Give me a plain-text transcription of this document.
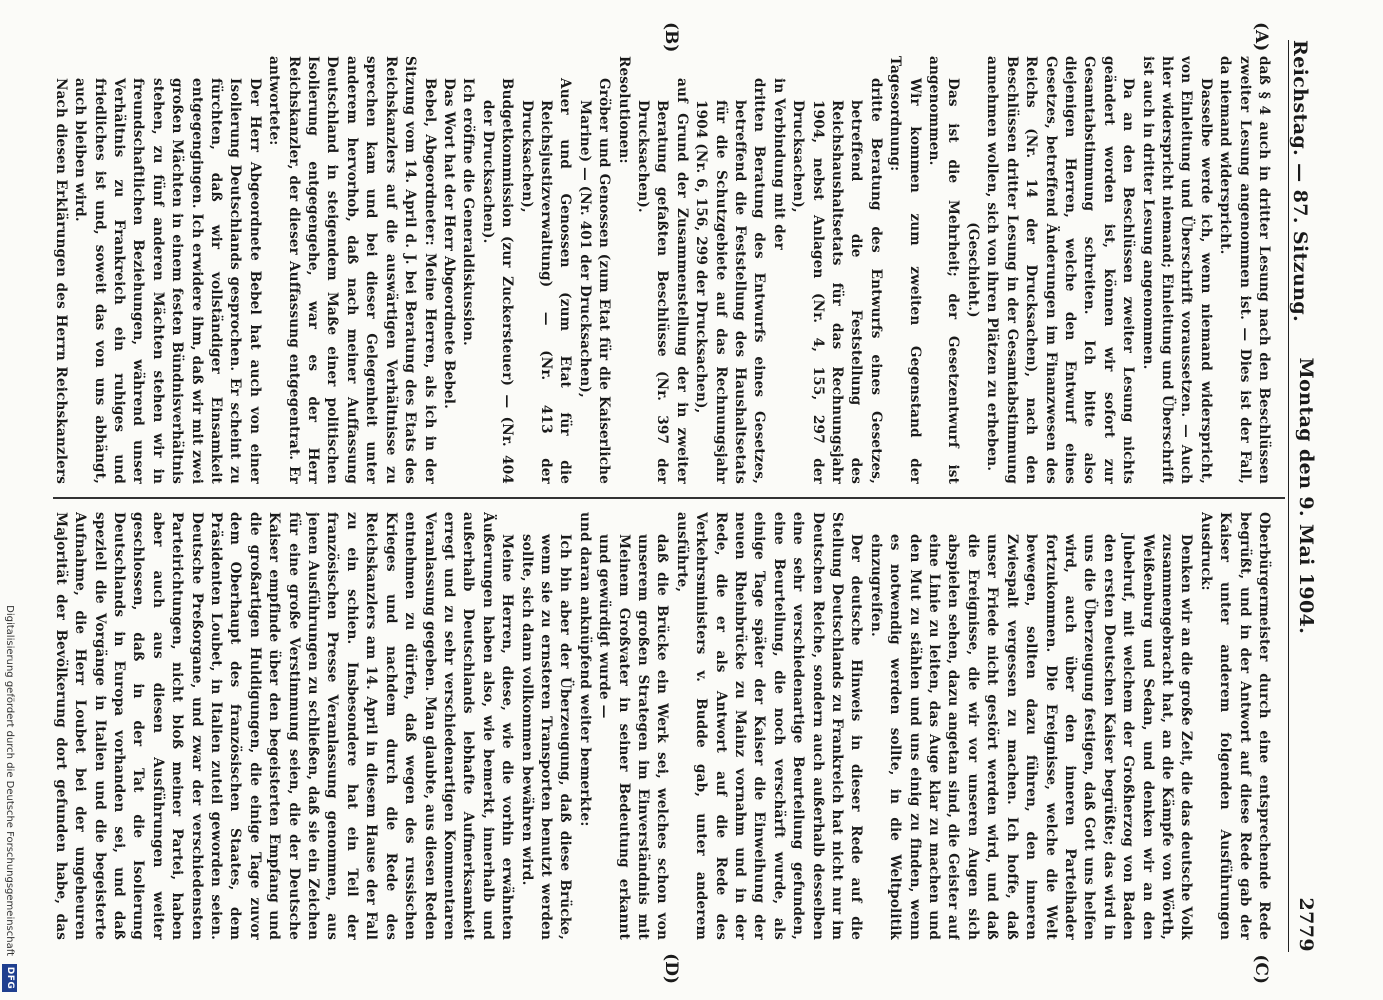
Reichstag. — 87. Sitzung.
Montag den 9. Mai 1904.
2779
(A)
(B)
(C)
(D)

daß § 4 auch in dritter Lesung nach den Beschlüssen zweiter Lesung angenommen ist. — Dies ist der Fall, da niemand widerspricht.

Dasselbe werde ich, wenn niemand widerspricht, von Einleitung und Überschrift voraussetzen. — Auch hier widerspricht niemand; Einleitung und Überschrift ist auch in dritter Lesung angenommen.

Da an den Beschlüssen zweiter Lesung nichts geändert worden ist, können wir sofort zur Gesamtabstimmung schreiten. Ich bitte also diejenigen Herren, welche den Entwurf eines Gesetzes, betreffend Änderungen im Finanzwesen des Reichs (Nr. 14 der Drucksachen), nach den Beschlüssen dritter Lesung in der Gesamtabstimmung annehmen wollen, sich von ihren Plätzen zu erheben.

(Geschieht.)

Das ist die Mehrheit; der Gesetzentwurf ist angenommen.

Wir kommen zum zweiten Gegenstand der Tagesordnung:

dritte Beratung des Entwurfs eines Gesetzes, betreffend die Feststellung des Reichshaushaltsetats für das Rechnungsjahr 1904, nebst Anlagen (Nr. 4, 155, 297 der Drucksachen),

in Verbindung mit der

dritten Beratung des Entwurfs eines Gesetzes, betreffend die Feststellung des Haushaltsetats für die Schutzgebiete auf das Rechnungsjahr 1904 (Nr. 6, 156, 299 der Drucksachen),

auf Grund der Zusammenstellung der in zweiter Beratung gefaßten Beschlüsse (Nr. 397 der Drucksachen).

Resolutionen:

Gröber und Genossen (zum Etat für die Kaiserliche Marine) — (Nr. 401 der Drucksachen),

Auer und Genossen (zum Etat für die Reichsjustizverwaltung) — (Nr. 413 der Drucksachen),

Budgetkommission (zur Zuckersteuer) — (Nr. 404 der Drucksachen).

Ich eröffne die Generaldiskussion.

Das Wort hat der Herr Abgeordnete Bebel.

Bebel, Abgeordneter: Meine Herren, als ich in der Sitzung vom 14. April d. J. bei Beratung des Etats des Reichskanzlers auf die auswärtigen Verhältnisse zu sprechen kam und bei dieser Gelegenheit unter anderem hervorhob, daß nach meiner Auffassung Deutschland in steigendem Maße einer politischen Isolierung entgegengehe, war es der Herr Reichskanzler, der dieser Auffassung entgegentrat. Er antwortete:

Der Herr Abgeordnete Bebel hat auch von einer Isolierung Deutschlands gesprochen. Er scheint zu fürchten, daß wir vollständiger Einsamkeit entgegengingen. Ich erwidere ihm, daß wir mit zwei großen Mächten in einem festen Bündnisverhältnis stehen, zu fünf anderen Mächten stehen wir in freundschaftlichen Beziehungen, während unser Verhältnis zu Frankreich ein ruhiges und friedliches ist und, soweit das von uns abhängt, auch bleiben wird.

Nach diesen Erklärungen des Herrn Reichskanzlers

Oberbürgermeister durch eine entsprechende Rede begrüßt, und in der Antwort auf diese Rede gab der Kaiser unter anderem folgenden Ausführungen Ausdruck:

Denken wir an die große Zeit, die das deutsche Volk zusammengebracht hat, an die Kämpfe von Wörth, Weißenburg und Sedan, und denken wir an den Jubelruf, mit welchem der Großherzog von Baden den ersten Deutschen Kaiser begrüßte; das wird in uns die Überzeugung festigen, daß Gott uns helfen wird, auch über den inneren Parteihader fortzukommen. Die Ereignisse, welche die Welt bewegen, sollten dazu führen, den inneren Zwiespalt vergessen zu machen. Ich hoffe, daß unser Friede nicht gestört werden wird, und daß die Ereignisse, die wir vor unseren Augen sich abspielen sehen, dazu angetan sind, die Geister auf eine Linie zu leiten, das Auge klar zu machen und den Mut zu stählen und uns einig zu finden, wenn es notwendig werden sollte, in die Weltpolitik einzugreifen.

Der deutsche Hinweis in dieser Rede auf die Stellung Deutschlands zu Frankreich hat nicht nur im Deutschen Reiche, sondern auch außerhalb desselben eine sehr verschiedenartige Beurteilung gefunden, eine Beurteilung, die noch verschärft wurde, als einige Tage später der Kaiser die Einweihung der neuen Rheinbrücke zu Mainz vornahm und in der Rede, die er als Antwort auf die Rede des Verkehrsministers v. Budde gab, unter anderem ausführte,

daß die Brücke ein Werk sei, welches schon von unserem großen Strategen im Einverständnis mit Meinem Großvater in seiner Bedeutung erkannt und gewürdigt wurde —

und daran anknüpfend weiter bemerkte:

Ich bin aber der Überzeugung, daß diese Brücke, wenn sie zu ernsteren Transporten benutzt werden sollte, sich dann vollkommen bewähren wird.

Meine Herren, diese, wie die vorhin erwähnten Äußerungen haben also, wie bemerkt, innerhalb und außerhalb Deutschlands lebhafte Aufmerksamkeit erregt und zu sehr verschiedenartigen Kommentaren Veranlassung gegeben. Man glaubte, aus diesen Reden entnehmen zu dürfen, daß wegen des russischen Krieges und nachdem durch die Rede des Reichskanzlers am 14. April in diesem Hause der Fall zu ein schien. Insbesondere hat ein Teil der französischen Presse Veranlassung genommen, aus jenen Ausführungen zu schließen, daß sie ein Zeichen für eine große Verstimmung seien, die der Deutsche Kaiser empfinde über den begeisterten Empfang und die großartigen Huldigungen, die einige Tage zuvor dem Oberhaupt des französischen Staates, dem Präsidenten Loubet, in Italien zuteil geworden seien. Deutsche Preßorgane, und zwar der verschiedensten Parteirichtungen, nicht bloß meiner Partei, haben aber auch aus diesen Ausführungen weiter geschlossen, daß in der Tat die Isolierung Deutschlands in Europa vorhanden sei, und daß speziell die Vorgänge in Italien und die begeisterte Aufnahme, die Herr Loubet bei der ungeheuren Majorität der Bevölkerung dort gefunden habe, das

Digitalisierung gefördert durch die Deutsche Forschungsgemeinschaft
DFG
